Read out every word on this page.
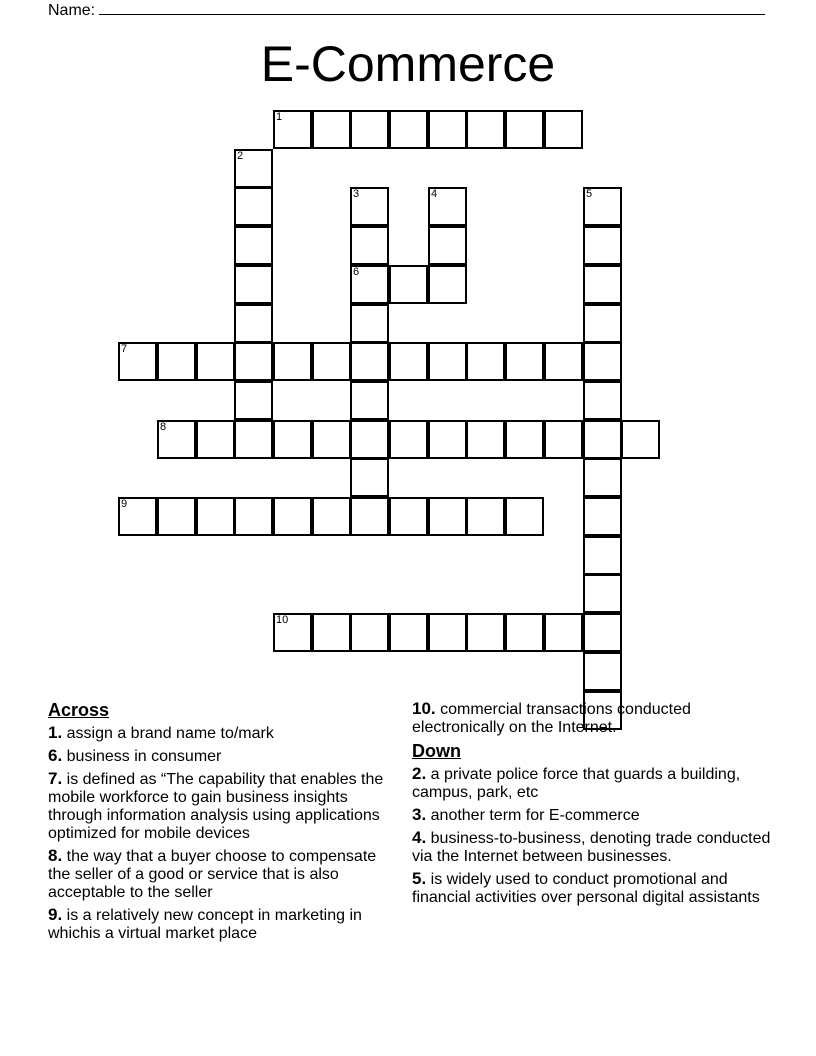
Name:
E-Commerce
1
2
3
6
4	5
7
8
9
10
Across
1. assign a brand name to/mark
6. business in consumer
7. is defined as “The capability that enables the mobile workforce to gain business insights through information analysis using applications optimized for mobile devices
8. the way that a buyer choose to compensate the seller of a good or service that is also acceptable to the seller
9. is a relatively new concept in marketing in whichis a virtual market place
10. commercial transactions conducted electronically on the Internet.
Down
2. a private police force that guards a building, campus, park, etc
3. another term for E-commerce
4. business-to-business, denoting trade conducted via the Internet between businesses.
5. is widely used to conduct promotional and financial activities over personal digital assistants
